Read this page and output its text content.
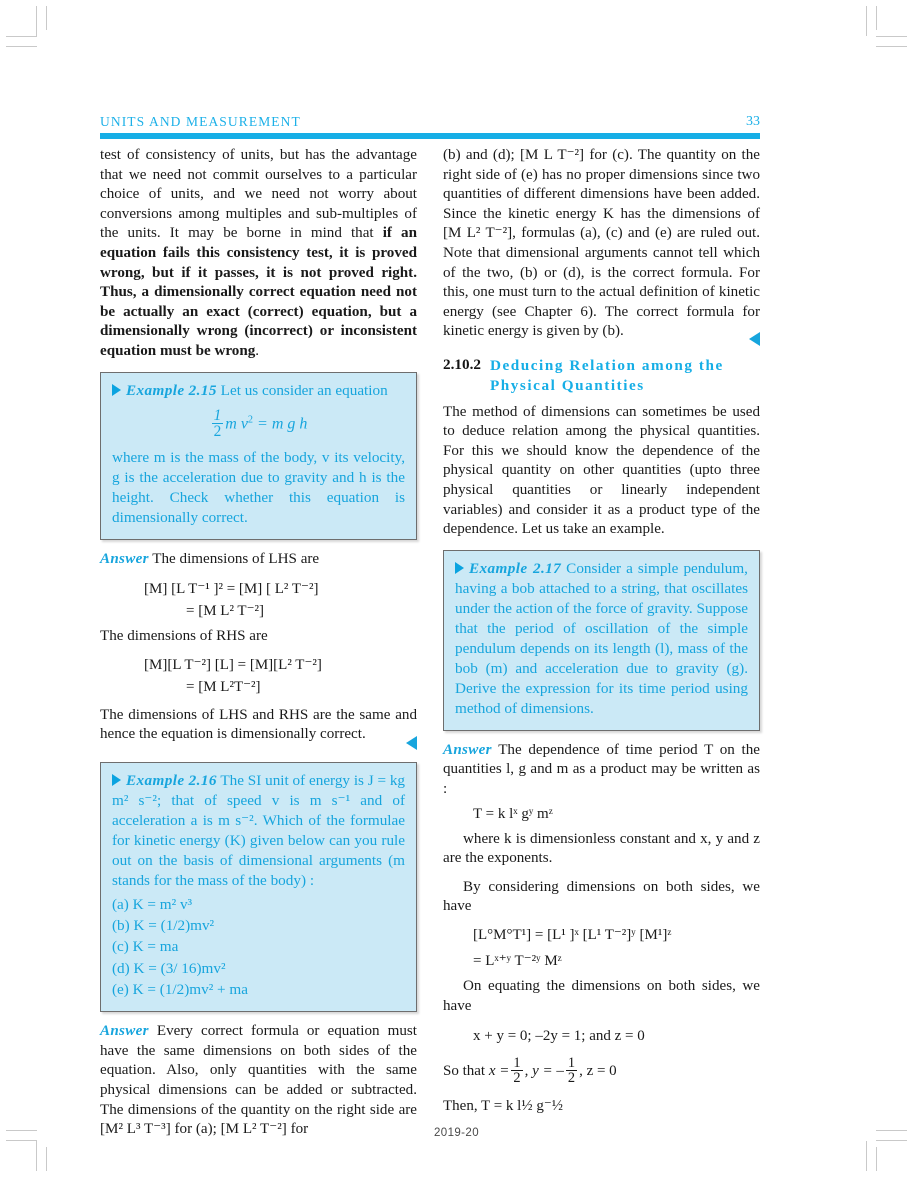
UNITS AND MEASUREMENT	33

test of consistency of units, but has the advantage that we need not commit ourselves to a particular choice of units, and we need not worry about conversions among multiples and sub-multiples of the units. It may be borne in mind that if an equation fails this consistency test, it is proved wrong, but if it passes, it is not proved right. Thus, a dimensionally correct equation need not be actually an exact (correct) equation, but a dimensionally wrong (incorrect) or inconsistent equation must be wrong.

Example 2.15 Let us consider an equation
$\frac{1}{2}$ m $v^2 = m$ g h
where m is the mass of the body, v its velocity, g is the acceleration due to gravity and h is the height. Check whether this equation is dimensionally correct.

Answer The dimensions of LHS are

[M] [L T⁻¹ ]² = [M] [ L² T⁻²]
= [M L² T⁻²]

The dimensions of RHS are

[M][L T⁻²] [L] = [M][L² T⁻²]
= [M L²T⁻²]

The dimensions of LHS and RHS are the same and hence the equation is dimensionally correct.

Example 2.16 The SI unit of energy is J = kg m² s⁻²; that of speed v is m s⁻¹ and of acceleration a is m s⁻². Which of the formulae for kinetic energy (K) given below can you rule out on the basis of dimensional arguments (m stands for the mass of the body) :
(a) K = m² v³
(b) K = (1/2)mv²
(c) K = ma
(d) K = (3/ 16)mv²
(e) K = (1/2)mv² + ma

Answer Every correct formula or equation must have the same dimensions on both sides of the equation. Also, only quantities with the same physical dimensions can be added or subtracted. The dimensions of the quantity on the right side are [M² L³ T⁻³] for (a); [M L² T⁻²] for

(b) and (d); [M L T⁻²] for (c). The quantity on the right side of (e) has no proper dimensions since two quantities of different dimensions have been added. Since the kinetic energy K has the dimensions of [M L² T⁻²], formulas (a), (c) and (e) are ruled out. Note that dimensional arguments cannot tell which of the two, (b) or (d), is the correct formula. For this, one must turn to the actual definition of kinetic energy (see Chapter 6). The correct formula for kinetic energy is given by (b).

2.10.2 Deducing Relation among the Physical Quantities

The method of dimensions can sometimes be used to deduce relation among the physical quantities. For this we should know the dependence of the physical quantity on other quantities (upto three physical quantities or linearly independent variables) and consider it as a product type of the dependence. Let us take an example.

Example 2.17 Consider a simple pendulum, having a bob attached to a string, that oscillates under the action of the force of gravity. Suppose that the period of oscillation of the simple pendulum depends on its length (l), mass of the bob (m) and acceleration due to gravity (g). Derive the expression for its time period using method of dimensions.

Answer The dependence of time period T on the quantities l, g and m as a product may be written as :

T = k lˣ gʸ mᶻ

where k is dimensionless constant and x, y and z are the exponents.

By considering dimensions on both sides, we have

[L°M°T¹] = [L¹ ]ˣ [L¹ T⁻²]ʸ [M¹]ᶻ
= Lˣ⁺ʸ T⁻²ʸ Mᶻ

On equating the dimensions on both sides, we have

x + y = 0; –2y = 1; and z = 0
So that $x = \frac{1}{2}$ , y = – $\frac{1}{2}$ , z = 0
Then, T = k l½ g⁻½
2019-20
